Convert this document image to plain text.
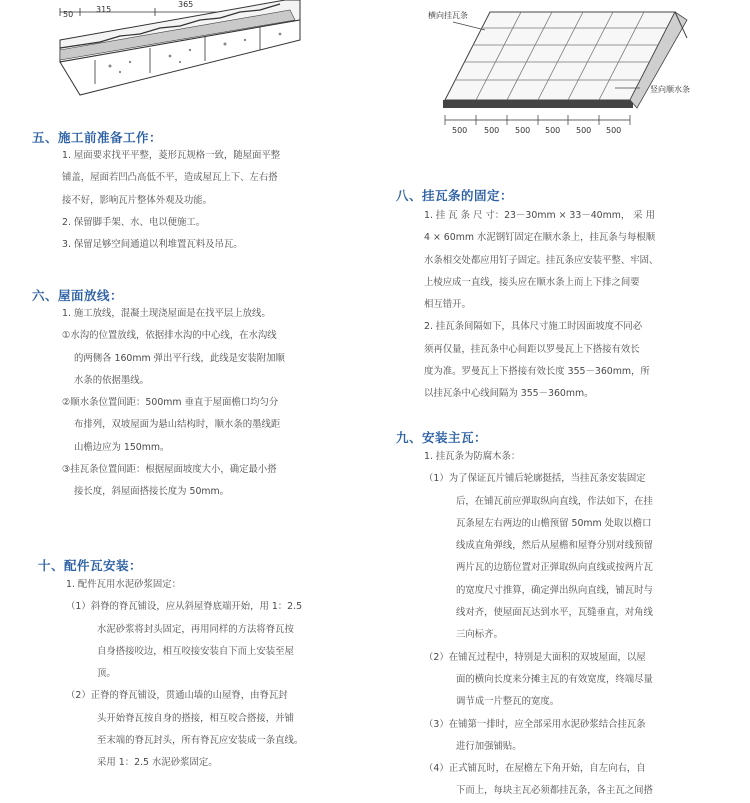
50
315
365
横向挂瓦条
竖向顺水条
500 500 500 500 500 500
五、施工前准备工作：
1. 屋面要求找平平整，菱形瓦规格一致，随屋面平整
铺盖，屋面若凹凸高低不平，造成屋瓦上下、左右搭
接不好，影响瓦片整体外观及功能。
2. 保留脚手架、水、电以便施工。
3. 保留足够空间通道以利堆置瓦料及吊瓦。
六、屋面放线：
1. 施工放线，混凝土现浇屋面是在找平层上放线。
①水沟的位置放线，依据排水沟的中心线，在水沟线
的两侧各 160mm 弹出平行线，此线是安装附加顺
水条的依据墨线。
②顺水条位置间距：500mm 垂直于屋面檐口均匀分
布排列，双坡屋面为悬山结构时，顺水条的墨线距
山檐边应为 150mm。
③挂瓦条位置间距：根据屋面坡度大小，确定最小搭
接长度，斜屋面搭接长度为 50mm。
十、配件瓦安装：
1. 配件瓦用水泥砂浆固定：
（1）斜脊的脊瓦铺设，应从斜屋脊底端开始，用 1：2.5
水泥砂浆将封头固定，再用同样的方法将脊瓦按
自身搭接咬边，相互咬接安装自下而上安装至屋
顶。
（2）正脊的脊瓦铺设，贯通山墙的山屋脊，由脊瓦封
头开始脊瓦按自身的搭接，相互咬合搭接，并铺
至末端的脊瓦封头，所有脊瓦应安装成一条直线。
采用 1：2.5 水泥砂浆固定。
八、挂瓦条的固定：
1. 挂 瓦 条 尺 寸：23－30mm × 33－40mm， 采 用
4 × 60mm 水泥钢钉固定在顺水条上，挂瓦条与每根顺
水条相交处都应用钉子固定。挂瓦条应安装平整、牢固、
上棱应成一直线，接头应在顺水条上而上下排之间要
相互错开。
2. 挂瓦条间隔如下，具体尺寸施工时因面坡度不同必
须再仅量，挂瓦条中心间距以罗曼瓦上下搭接有效长
度为准。罗曼瓦上下搭接有效长度 355－360mm，所
以挂瓦条中心线间隔为 355－360mm。
九、安装主瓦：
1. 挂瓦条为防腐木条：
（1）为了保证瓦片铺后轮廓挺括，当挂瓦条安装固定
后，在铺瓦前应弹取纵向直线，作法如下，在挂
瓦条屋左右两边的山檐预留 50mm 处取以檐口
线成直角弹线，然后从屋檐和屋脊分别对线预留
两片瓦的边筋位置对正弹取纵向直线或按两片瓦
的宽度尺寸推算，确定弹出纵向直线，铺瓦时与
线对齐，使屋面瓦达到水平，瓦缝垂直，对角线
三向标齐。
（2）在铺瓦过程中，特别是大面积的双坡屋面，以屋
面的横向长度来分摊主瓦的有效宽度，终端尽量
调节成一片整瓦的宽度。
（3）在铺第一排时，应全部采用水泥砂浆结合挂瓦条
进行加强铺贴。
（4）正式铺瓦时，在屋檐左下角开始，自左向右，自
下而上，每块主瓦必须都挂瓦条，各主瓦之间搭
